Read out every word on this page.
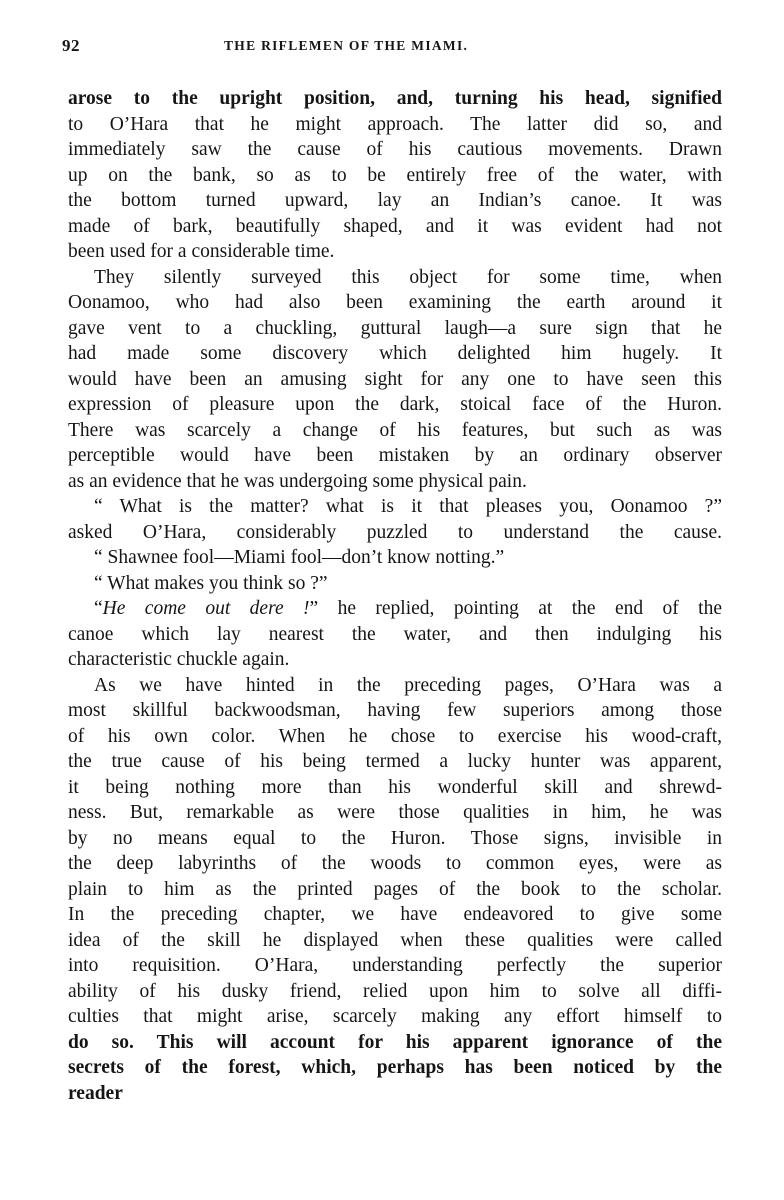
92	THE RIFLEMEN OF THE MIAMI.
arose to the upright position, and, turning his head, signified
to O’Hara that he might approach. The latter did so, and
immediately saw the cause of his cautious movements. Drawn
up on the bank, so as to be entirely free of the water, with
the bottom turned upward, lay an Indian’s canoe. It was
made of bark, beautifully shaped, and it was evident had not
been used for a considerable time.
They silently surveyed this object for some time, when
Oonamoo, who had also been examining the earth around it
gave vent to a chuckling, guttural laugh—a sure sign that he
had made some discovery which delighted him hugely. It
would have been an amusing sight for any one to have seen this
expression of pleasure upon the dark, stoical face of the Huron.
There was scarcely a change of his features, but such as was
perceptible would have been mistaken by an ordinary observer
as an evidence that he was undergoing some physical pain.
“ What is the matter? what is it that pleases you, Oonamoo ?”
asked O’Hara, considerably puzzled to understand the cause.
“ Shawnee fool—Miami fool—don’t know notting.”
“ What makes you think so ?”
“He come out dere !” he replied, pointing at the end of the
canoe which lay nearest the water, and then indulging his
characteristic chuckle again.
As we have hinted in the preceding pages, O’Hara was a
most skillful backwoodsman, having few superiors among those
of his own color. When he chose to exercise his wood-craft,
the true cause of his being termed a lucky hunter was apparent,
it being nothing more than his wonderful skill and shrewd-
ness. But, remarkable as were those qualities in him, he was
by no means equal to the Huron. Those signs, invisible in
the deep labyrinths of the woods to common eyes, were as
plain to him as the printed pages of the book to the scholar.
In the preceding chapter, we have endeavored to give some
idea of the skill he displayed when these qualities were called
into requisition. O’Hara, understanding perfectly the superior
ability of his dusky friend, relied upon him to solve all diffi-
culties that might arise, scarcely making any effort himself to
do so. This will account for his apparent ignorance of the
secrets of the forest, which, perhaps has been noticed by the
reader
